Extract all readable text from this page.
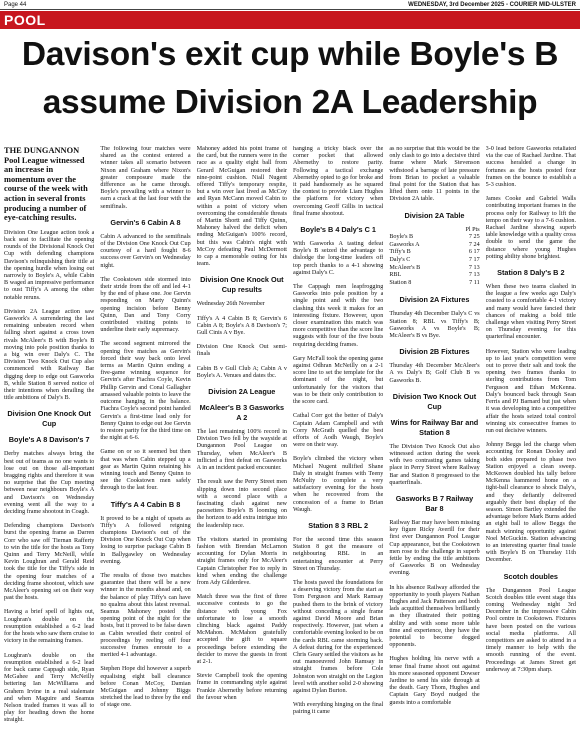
Page 44	WEDNESDAY, 3rd December 2025 - COURIER MID-ULSTER
POOL
Davison's exit cup while Boyle's B assume Division 2A Leadership

THE DUNGANNON Pool League witnessed an increase in momentum over the course of the week with action in several fronts producing a number of eye-catching results.

Division One League action took a back seat to facilitate the opening rounds of the Divisional Knock Out Cup with defending champions Davison's relinquishing their title at the opening hurdle when losing out narrowly to Boyle's A, while Cabin B waged an impressive performance to oust Tiffy's A among the other notable reruns.

Division 2A League action saw Gaswork's A surrendering the last remaining unbeaten record when falling short against a cross town rivals McAleer's B with Boyle's B moving into pole position thanks to a big win over Daly's C. The Division Two Knock Out Cup also commenced with Railway Bar digging deep to edge out Gasworks B, while Station 8 served notice of their intentions when derailing the title ambitions of Daly's B.

Division One Knock Out Cup
Boyle's A 8 Davison's 7

Derby matches always bring the best out of teams as no one wants to lose out on those all-important bragging rights and therefore it was no surprise that the Cup meeting between near neighbours Boyle's A and Davison's on Wednesday evening went all the way to a deciding frame shootout in Coagh.

Defending champions Davison's burst the opening frame as Darren Corr who saw off Tiernan Rafferty to win the title for the hosts as Tony Quinn and Terry McNeill, while Kevin Loughran and Gerald Reid took the title for the Tiffy's side in the opening four matches of a deciding frame shootout, which saw McAleer's opening set on their way past the hosts.

Having a brief spell of lights out, Loughran's double on the resumption established a 6-2 lead for the hosts who saw them cruise to victory in the remaining frames.

Loughran's double on the resumption established a 6-2 lead for back came Cappagh side, Ryan McGahee and Terry McNeilly bettering Ian McWilliams and Grahem Irvine in a real stalemate and when Maguire and Seamus Nelson traded frames it was all to play for heading down the home straight.

The following four matches were shared as the contest entered a winner takes all scenario between Nixon and Graham where Nixon's greater composure made the difference as he came through. Boyle's prevailing with a winner to earn a crack at the last four with the semifinals.

Gervin's 6 Cabin A 8

Cabin A advanced to the semifinals of the Division One Knock Out Cup courtesy of a hard fought 8-6 success over Gervin's on Wednesday night.

The Cookstown side stormed into their stride from the off and led 4-1 by the end of phase one. Joe Gervin responding on Marty Quinn's opening incision before Benny Quinn, Dan and Tony Corry contributed visiting points to underline their early supremacy.

The second segment mirrored the opening five matches as Gervin's forced their way back onto level terms as Martin Quinn ending a five-game winning sequence for Gervin's after Fiachra Coyle, Kevin Phillip Gervin and Conal Gallagher amassed valuable points to leave the outcome hanging in the balance. Fiachra Coyle's second point handed Gervin's a first-time lead only for Benny Quinn to edge out Joe Gervin to restore parity for the third time on the night at 6-6.

Game on or so it seemed but then that was when Cabin stepped up a gear as Martin Quinn retaining his winning touch and Benny Quinn to see the Cookstown men safely through to the last four.

Tiffy's A 4 Cabin B 8

It proved to be a night of upsets as Tiffy's A followed reigning champions Davison's out of the Division One Knock Out Cup when losing to surprise package Cabin B in Ballygawley on Wednesday evening.

The results of those two matches guarantee that there will be a new winner in the months ahead and, on the balance of play Tiffy's can have no qualms about this latest reversal. Seamus Mahoney posted the opening point of the night for the hosts, but it proved to be false dawn as Cabin wrestled their control of proceedings by reeling off four successive frames enroute to a merited 4-1 advantage.

Stephen Hope did however a superb equalising eight ball clearance before Conan McCoy, Damian McGuigan and Johnny Biggs stretched the lead to three by the end of stage one.

Mahoney added his point frame of the card, but the runners were in the race as a quality eight ball from Gerard McGuigan restored their nine-point cushion. Niall Nugent offered Tiffy's temporary respite, but a win over last lived as McCoy and Ryan McCann moved Cabin to within a point of victory when overcoming the considerable threats of Martin Shortt and Tiffy Quinn, Mahoney halved the deficit when ending McGuigan's 100% record, but this was Cabin's night with McCoy defeating Paul McDermott to cap a memorable outing for his team.

Division One Knock Out Cup results

Wednesday 26th November

Tiffy's A 4 Cabin B 8; Gervin's 6 Cabin A 8; Boyle's A 8 Davison's 7; Gull Cinis A v Bye.

Division One Knock Out semi-finals

Cabin B v Gull Club A; Cabin A v Boyle's A. Venues and dates tbc.

Division 2A League
McAleer's B 3 Gasworks A 2

The last remaining 100% record in Division Two fell by the wayside at Dungannon Pool League on Thursday, when McAleer's B inflicted a first defeat on Gasworks A in an incident packed encounter.

The result saw the Perry Street men slipping down into second place with a second place with a fascinating clash against new pacesetters Boyle's B looming on the horizon to add extra intrigue into the leadership race.

The visitors started in promising fashion with Brendan McLarnon accounting for Dylan Morris in straight frames only for McAleer's Captain Christopher Fee to reply in kind when ending the challenge from Ady Gilderdeve.

Match three was the first of three successive contests to go the distance with young Fox unfortunate to lose a smooth clinching black against Paddy McMahon. McMahon gratefully accepted the gift to square proceedings before extending the decider to move the guests in front at 2-1.

Stevie Campbell took the opening frame in commanding style against Frankie Abernethy before returning the favour when

hanging a tricky black over the corner pocket that allowed Abernethy to restore parity. Following a tactical exchange Abernethy opted to go for broke and it paid handsomely as he squared the contest to provide Liam Hughes the platform for victory when overcoming Geoff Gillis in tactical final frame shootout.

Boyle's B 4 Daly's C 1

With Gasworks A tasting defeat Boyle's B seized the advantage to dislodge the long-time leaders off top perch thanks to a 4-1 showing against Daly's C.

The Cappagh men leapfrogging Gasworks into pole position by a single point and with the two clashing this week it makes for an interesting fixture. However, upon closer examination this match was more competitive than the score line suggests with four of the five bouts requiring deciding frames.

Gary McFall took the opening game against Odhran McNeilly on a 2-1 score line to set the template for the dominant of the night, but unfortunately for the visitors that was to be their only contribution to the score card.

Cathal Corr got the better of Daly's Captain Adam Campbell and with Corry McGrath quelled the best efforts of Aodh Waugh, Boyle's were on their way.

Boyle's climbed the victory when Michael Nugent nullified Shane Daly in straight frames with Teeny McNulty to complete a very satisfactory evening for the hosts when he recovered from the concession of a frame to Brian Waugh.

Station 8 3 RBL 2

For the second time this season Station 8 got the measure of neighbouring RBL in an entertaining encounter at Perry Street on Thursday.

The hosts paved the foundations for a deserving victory from the start as Tom Ferguson and Mark Ramsay pushed them to the brink of victory without conceding a single frame against David Moore and Brian respectively. However, just when a comfortable evening looked to be on the cards RBL came storming back. A defeat during for the experienced Chris Geary settled the visitors as he out manoeuvred John Ramsay in straight frames before Cole Johnston won straight on the Legion level with another solid 2-0 showing against Dylan Burton.

With everything hinging on the final pairing it came

as no surprise that this would be the only clash to go into a decisive third frame where Mark Stevenson withstood a barrage of late pressure from Brian to pocket a valuable final point for the Station that has lifted them onto 11 points in the Division 2A table.

Division 2A Table
	Pl Pts
Boyle's B	7 25
Gasworks A	7 24
Tiffy's B	6 17
Daly's C	7 17
McAleer's B	7 13
RBL	7 13
Station 8	7 11
Division 2A Fixtures

Thursday 4th December Daly's C vs Station 8; RBL vs Tiffy's B; Gasworks A vs Boyle's B; McAleer's B vs Bye.

Division 2B Fixtures

Thursday 4th December McAleer's A vs Daly's B; Golf Club B vs Gasworks B.

Division Two Knock Out Cup
Wins for Railway Bar and Station 8

The Division Two Knock Out also witnessed action during the week with two contrasting games taking place in Perry Street where Railway Bar and Station 8 progressed to the quarterfinals.

Gasworks B 7 Railway Bar 8

Railway Bar may have been missing key figure Ricky Averill for their first ever Dungannon Pool League Cup appearance, but the Cookstown men rose to the challenge in superb fettle by ending the title ambitions of Gasworks B on Wednesday evening.

In his absence Railway afforded the opportunity to youth players Nathan Hughes and Jack Patterson and both lads acquitted themselves brilliantly as they illustrated their potting ability and with some more table time and experience, they have the potential to become dogged opponents.

Hughes holding his nerve with a tense final frame shoot out against his more seasoned opponent Dowser Jardine to send his side through at the death. Gary Thom, Hughes and Captain Gary Boyd nudged the guests into a comfortable

3-0 lead before Gasworks retaliated via the cue of Rachael Jardine. That success heralded a change in fortunes as the hosts posted four frames on the bounce to establish a 5-3 cushion.

James Cooke and Gabriel Walls contributing important frames in the process only for Railway to lift the tempo on their way to a 7-6 cushion. Rachael Jardine showing superb table knowledge with a quality cross double to send the game the distance where young Hughes potting ability shone brightest.

Station 8 Daly's B 2

When these two teams clashed in the league a few weeks ago Daly's coasted to a comfortable 4-1 victory and many would have fancied their chances of making a bold title challenge when visiting Perry Street on Thursday evening for this quarterfinal encounter.

However, Station who were leading up to last year's competition were out to prove their salt and took the opening two frames thanks to sterling contributions from Tom Ferguson and Ethan McKenna. Daly's bounced back through Sean Ferris and PJ Barnard but just when it was developing into a competitive affair the hosts seized total control winning six consecutive frames to run out decisive winners.

Johnny Beggs led the charge when accounting for Ronan Dooley and both sides prepared to phase two Station enjoyed a clean sweep. McKeown doubled his tally before McKenna hammered home on a tight-ball clearance to shock Daly's, and they defiantly delivered arguably their best display of the season. Simon Bartley extended the advantage before Mark Burns added an eight ball to allow Beggs the match winning opportunity against Noel McGuckin. Station advancing to an interesting quarter final tussle with Boyle's B on Thursday 11th December.

Scotch doubles

The Dungannon Pool League Scotch doubles title event stage this coming Wednesday night 3rd December in the impressive Cabin Pool centre in Cookstown. Fixtures have been posted on the various social media platforms. All competitors are asked to attend in a timely manner to help with the smooth running of the event. Proceedings at James Street get underway at 7:30pm sharp.
